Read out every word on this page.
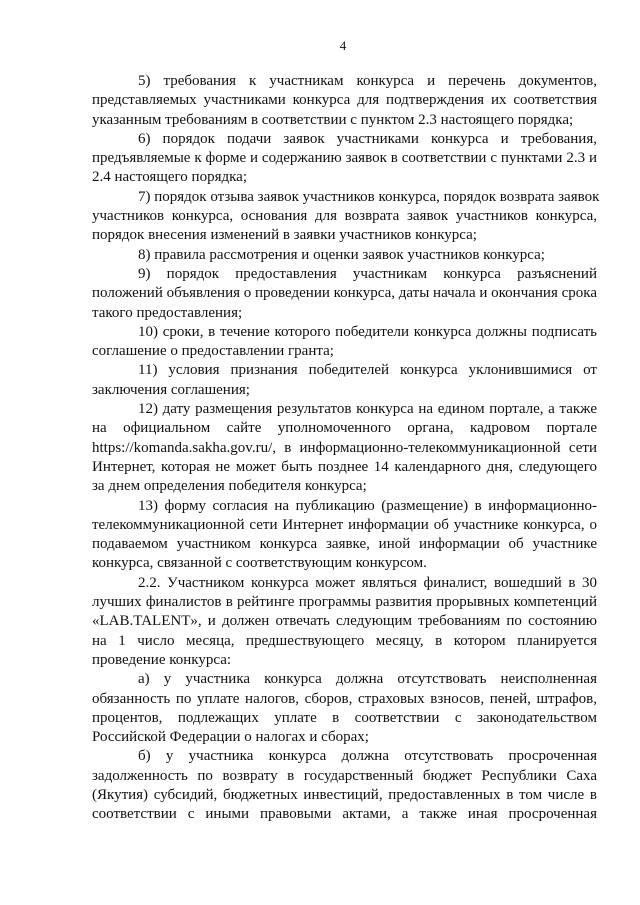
4
5) требования к участникам конкурса и перечень документов,
представляемых участниками конкурса для подтверждения их соответствия
указанным требованиям в соответствии с пунктом 2.3 настоящего порядка;
6) порядок подачи заявок участниками конкурса и требования,
предъявляемые к форме и содержанию заявок в соответствии с пунктами 2.3 и
2.4 настоящего порядка;
7) порядок отзыва заявок участников конкурса, порядок возврата заявок
участников конкурса, основания для возврата заявок участников конкурса,
порядок внесения изменений в заявки участников конкурса;
8) правила рассмотрения и оценки заявок участников конкурса;
9) порядок предоставления участникам конкурса разъяснений
положений объявления о проведении конкурса, даты начала и окончания срока
такого предоставления;
10) сроки, в течение которого победители конкурса должны подписать
соглашение о предоставлении гранта;
11) условия признания победителей конкурса уклонившимися от
заключения соглашения;
12) дату размещения результатов конкурса на едином портале, а также
на официальном сайте уполномоченного органа, кадровом портале
https://komanda.sakha.gov.ru/, в информационно-телекоммуникационной сети
Интернет, которая не может быть позднее 14 календарного дня, следующего
за днем определения победителя конкурса;
13) форму согласия на публикацию (размещение) в информационно-
телекоммуникационной сети Интернет информации об участнике конкурса, о
подаваемом участником конкурса заявке, иной информации об участнике
конкурса, связанной с соответствующим конкурсом.
2.2. Участником конкурса может являться финалист, вошедший в 30
лучших финалистов в рейтинге программы развития прорывных компетенций
«LAB.TALENT», и должен отвечать следующим требованиям по состоянию
на 1 число месяца, предшествующего месяцу, в котором планируется
проведение конкурса:
а) у участника конкурса должна отсутствовать неисполненная
обязанность по уплате налогов, сборов, страховых взносов, пеней, штрафов,
процентов, подлежащих уплате в соответствии с законодательством
Российской Федерации о налогах и сборах;
б) у участника конкурса должна отсутствовать просроченная
задолженность по возврату в государственный бюджет Республики Саха
(Якутия) субсидий, бюджетных инвестиций, предоставленных в том числе в
соответствии с иными правовыми актами, а также иная просроченная
